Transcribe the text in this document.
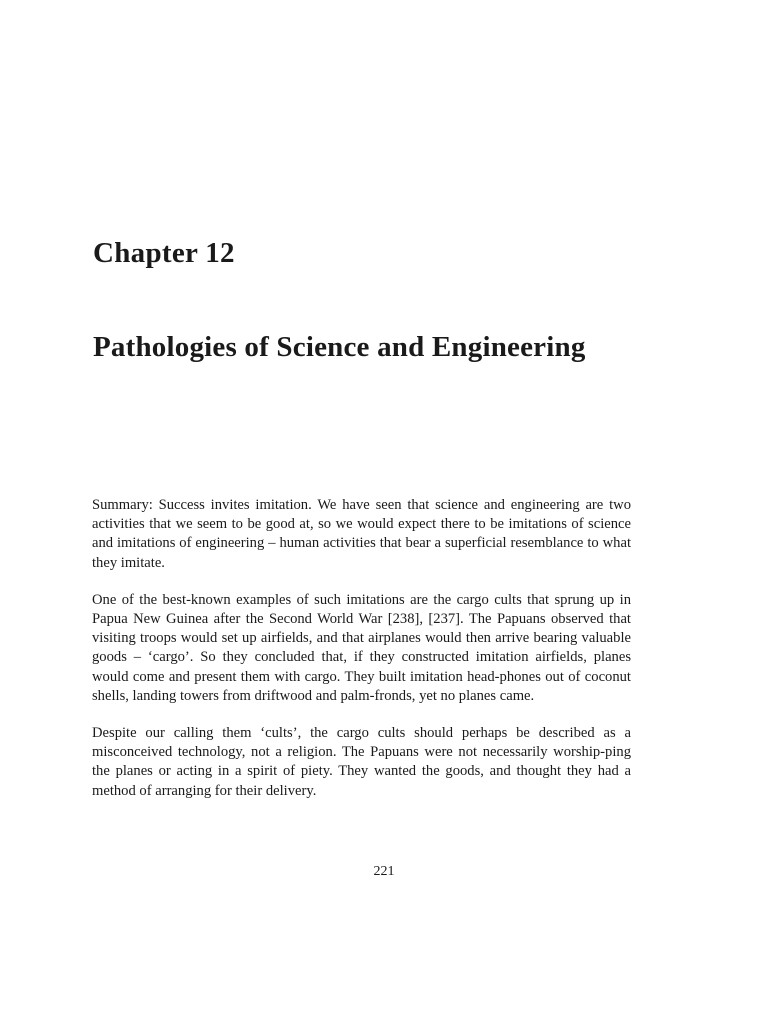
Chapter 12
Pathologies of Science and Engineering

Summary: Success invites imitation. We have seen that science and engineering are two activities that we seem to be good at, so we would expect there to be imitations of science and imitations of engineering – human activities that bear a superficial resemblance to what they imitate.

One of the best-known examples of such imitations are the cargo cults that sprung up in Papua New Guinea after the Second World War [238], [237]. The Papuans observed that visiting troops would set up airfields, and that airplanes would then arrive bearing valuable goods – ‘cargo’. So they concluded that, if they constructed imitation airfields, planes would come and present them with cargo. They built imitation head-phones out of coconut shells, landing towers from driftwood and palm-fronds, yet no planes came.

Despite our calling them ‘cults’, the cargo cults should perhaps be described as a misconceived technology, not a religion. The Papuans were not necessarily worship-ping the planes or acting in a spirit of piety. They wanted the goods, and thought they had a method of arranging for their delivery.

221
